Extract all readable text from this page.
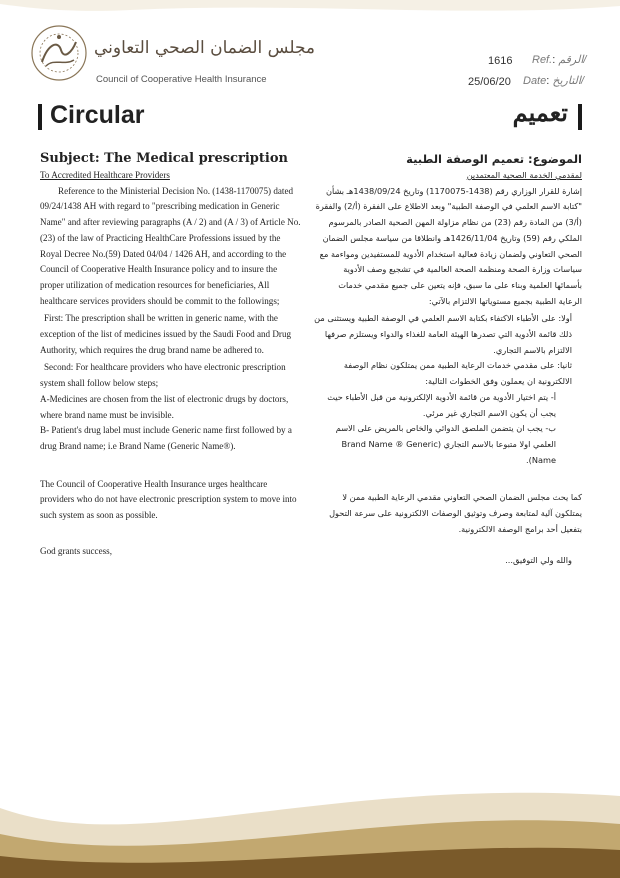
مجلس الضمان الصحي التعاوني
Council of Cooperative Health Insurance
1616 Ref.: الرقم/
25/06/20 Date: التاريخ/
Circular	تعميم

Subject: The Medical prescription

To Accredited Healthcare Providers

Reference to the Ministerial Decision No. (1438-1170075) dated 09/24/1438 AH with regard to "prescribing medication in Generic Name" and after reviewing paragraphs (A / 2) and (A / 3) of Article No. (23) of the law of Practicing HealthCare Professions issued by the Royal Decree No.(59) Dated 04/04 / 1426 AH, and according to the Council of Cooperative Health Insurance policy and to insure the proper utilization of medication resources for beneficiaries, All healthcare services providers should be commit to the followings;

First: The prescription shall be written in generic name, with the exception of the list of medicines issued by the Saudi Food and Drug Authority, which requires the drug brand name be adhered to.

Second: For healthcare providers who have electronic prescription system shall follow below steps;

A-Medicines are chosen from the list of electronic drugs by doctors, where brand name must be invisible.

B- Patient's drug label must include Generic name first followed by a drug Brand name; i.e Brand Name (Generic Name®).

The Council of Cooperative Health Insurance urges healthcare providers who do not have electronic prescription system to move into such system as soon as possible.

God grants success,

الموضوع: تعميم الوصفة الطبية

لمقدمي الخدمة الصحية المعتمدين

إشارة للقرار الوزاري رقم (1438-1170075) وتاريخ 1438/09/24هـ بشأن "كتابة الاسم العلمي في الوصفة الطبية" وبعد الاطلاع على الفقرة (أ/2) والفقرة (أ/3) من المادة رقم (23) من نظام مزاولة المهن الصحية الصادر بالمرسوم الملكي رقم (59) وتاريخ 1426/11/04هـ وانطلاقا من سياسة مجلس الضمان الصحي التعاوني ولضمان زيادة فعالية استخدام الأدوية للمستفيدين ومواءمة مع سياسات وزارة الصحة ومنظمة الصحة العالمية في تشجيع وصف الأدوية بأسمائها العلمية وبناء على ما سبق، فإنه يتعين على جميع مقدمي خدمات الرعاية الطبية بجميع مستوياتها الالتزام بالآتي:

أولا: على الأطباء الاكتفاء بكتابة الاسم العلمي في الوصفة الطبية ويستثنى من ذلك قائمة الأدوية التي تصدرها الهيئة العامة للغذاء والدواء ويستلزم صرفها الالتزام بالاسم التجاري.

ثانيا: على مقدمي خدمات الرعاية الطبية ممن يمتلكون نظام الوصفة الالكترونية ان يعملون وفق الخطوات التالية:

أ- يتم اختيار الأدوية من قائمة الأدوية الإلكترونية من قبل الأطباء حيث يجب أن يكون الاسم التجاري غير مرئي.

ب- يجب ان يتضمن الملصق الدوائي والخاص بالمريض على الاسم العلمي اولا متبوعا بالاسم التجاري (Brand Name ® Generic Name).

كما يحث مجلس الضمان الصحي التعاوني مقدمي الرعاية الطبية ممن لا يمتلكون آلية لمتابعة وصرف وتوثيق الوصفات الالكترونية على سرعة التحول بتفعيل أحد برامج الوصفة الالكترونية.

والله ولي التوفيق...
